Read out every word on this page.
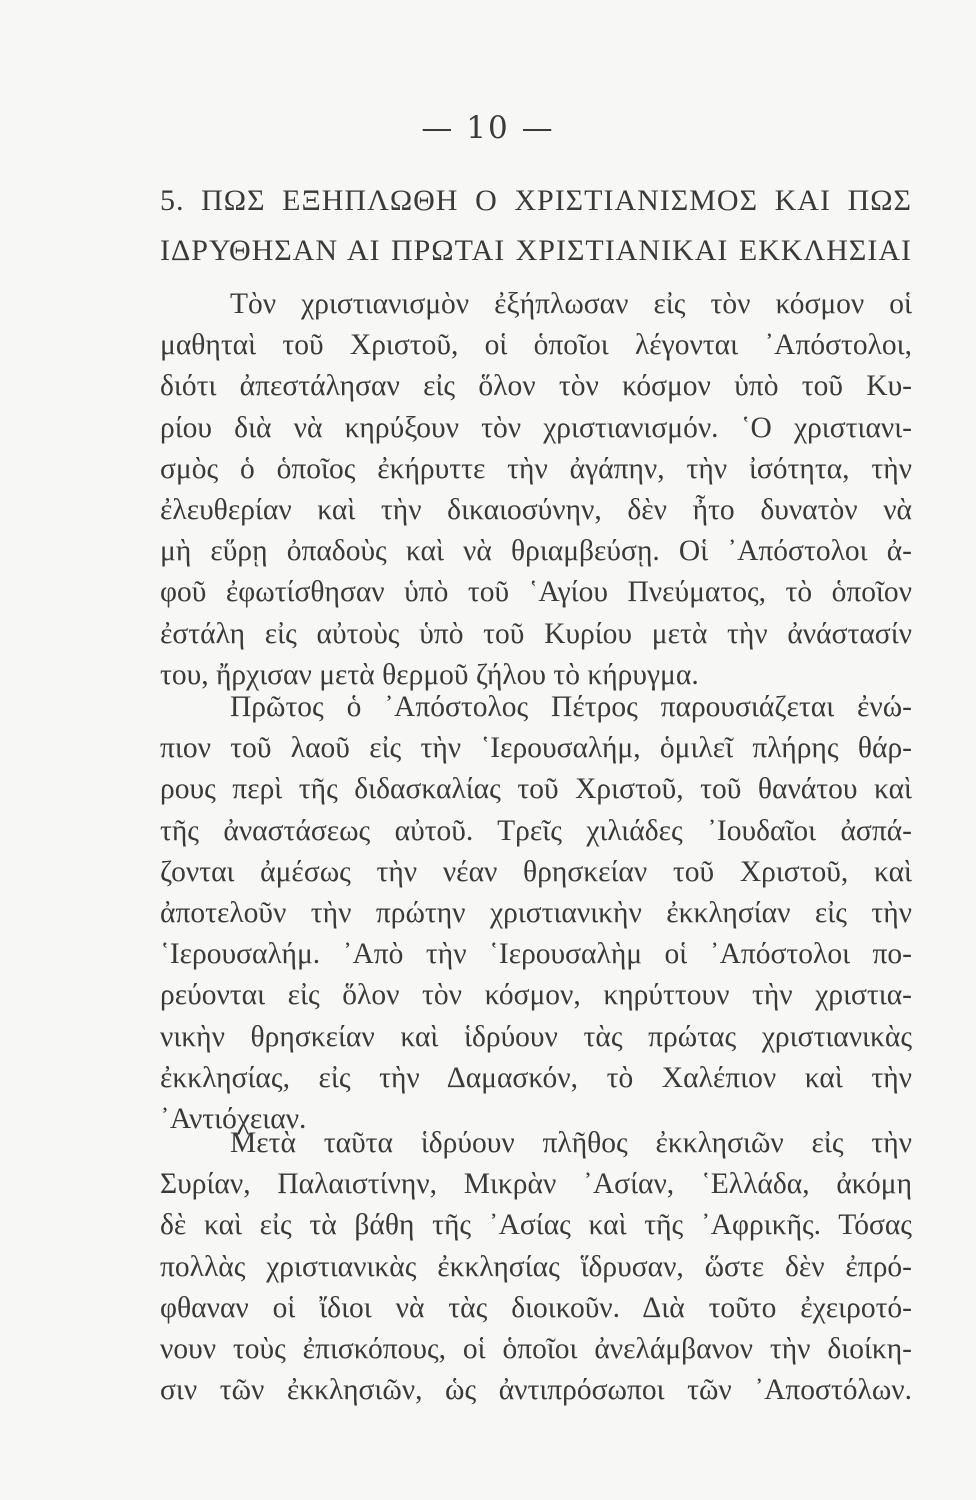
— 10 —
5. ΠΩΣ ΕΞΗΠΛΩΘΗ Ο ΧΡΙΣΤΙΑΝΙΣΜΟΣ ΚΑΙ ΠΩΣ
ΙΔΡΥΘΗΣΑΝ ΑΙ ΠΡΩΤΑΙ ΧΡΙΣΤΙΑΝΙΚΑΙ ΕΚΚΛΗΣΙΑΙ
Τὸν χριστιανισμὸν ἐξήπλωσαν εἰς τὸν κόσμον οἱ
μαθηταὶ τοῦ Χριστοῦ, οἱ ὁποῖοι λέγονται ᾿Απόστολοι,
διότι ἀπεστάλησαν εἰς ὅλον τὸν κόσμον ὑπὸ τοῦ Κυ-
ρίου διὰ νὰ κηρύξουν τὸν χριστιανισμόν. ῾Ο χριστιανι-
σμὸς ὁ ὁποῖος ἐκήρυττε τὴν ἀγάπην, τὴν ἰσότητα, τὴν
ἐλευθερίαν καὶ τὴν δικαιοσύνην, δὲν ἦτο δυνατὸν νὰ
μὴ εὕρῃ ὀπαδοὺς καὶ νὰ θριαμβεύσῃ. Οἱ ᾿Απόστολοι ἀ-
φοῦ ἐφωτίσθησαν ὑπὸ τοῦ ῾Αγίου Πνεύματος, τὸ ὁποῖον
ἐστάλη εἰς αὐτοὺς ὑπὸ τοῦ Κυρίου μετὰ τὴν ἀνάστασίν
του, ἤρχισαν μετὰ θερμοῦ ζήλου τὸ κήρυγμα.
Πρῶτος ὁ ᾿Απόστολος Πέτρος παρουσιάζεται ἐνώ-
πιον τοῦ λαοῦ εἰς τὴν ῾Ιερουσαλήμ, ὁμιλεῖ πλήρης θάρ-
ρους περὶ τῆς διδασκαλίας τοῦ Χριστοῦ, τοῦ θανάτου καὶ
τῆς ἀναστάσεως αὐτοῦ. Τρεῖς χιλιάδες ᾿Ιουδαῖοι ἀσπά-
ζονται ἀμέσως τὴν νέαν θρησκείαν τοῦ Χριστοῦ, καὶ
ἀποτελοῦν τὴν πρώτην χριστιανικὴν ἐκκλησίαν εἰς τὴν
῾Ιερουσαλήμ. ᾿Απὸ τὴν ῾Ιερουσαλὴμ οἱ ᾿Απόστολοι πο-
ρεύονται εἰς ὅλον τὸν κόσμον, κηρύττουν τὴν χριστια-
νικὴν θρησκείαν καὶ ἱδρύουν τὰς πρώτας χριστιανικὰς
ἐκκλησίας, εἰς τὴν Δαμασκόν, τὸ Χαλέπιον καὶ τὴν
᾿Αντιόχειαν.
Μετὰ ταῦτα ἱδρύουν πλῆθος ἐκκλησιῶν εἰς τὴν
Συρίαν, Παλαιστίνην, Μικρὰν ᾿Ασίαν, ῾Ελλάδα, ἀκόμη
δὲ καὶ εἰς τὰ βάθη τῆς ᾿Ασίας καὶ τῆς ᾿Αφρικῆς. Τόσας
πολλὰς χριστιανικὰς ἐκκλησίας ἵδρυσαν, ὥστε δὲν ἐπρό-
φθαναν οἱ ἴδιοι νὰ τὰς διοικοῦν. Διὰ τοῦτο ἐχειροτό-
νουν τοὺς ἐπισκόπους, οἱ ὁποῖοι ἀνελάμβανον τὴν διοίκη-
σιν τῶν ἐκκλησιῶν, ὡς ἀντιπρόσωποι τῶν ᾿Αποστόλων.
